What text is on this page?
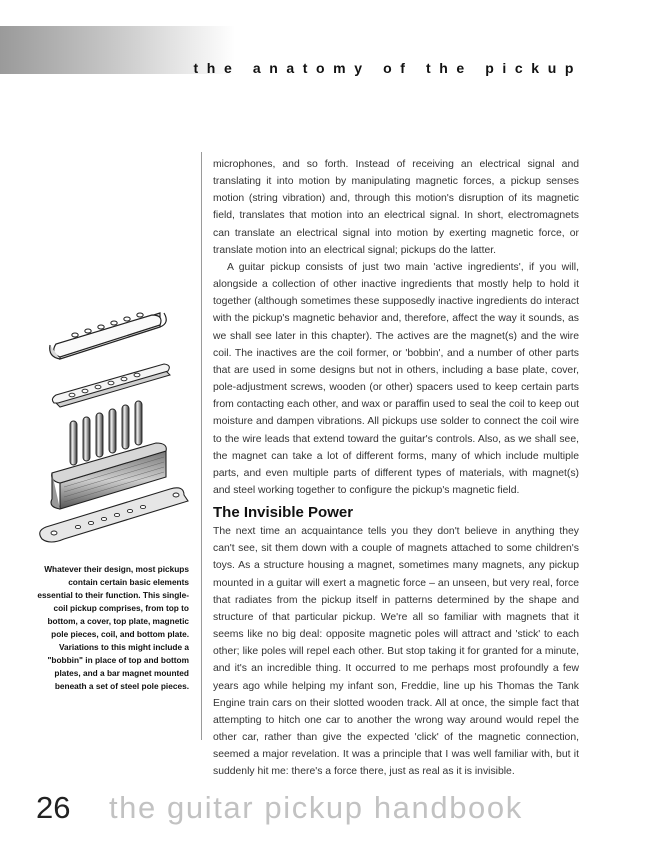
the anatomy of the pickup
Whatever their design, most pickups contain certain basic elements essential to their function. This single-coil pickup comprises, from top to bottom, a cover, top plate, magnetic pole pieces, coil, and bottom plate. Variations to this might include a "bobbin" in place of top and bottom plates, and a bar magnet mounted beneath a set of steel pole pieces.

microphones, and so forth. Instead of receiving an electrical signal and translating it into motion by manipulating magnetic forces, a pickup senses motion (string vibration) and, through this motion's disruption of its magnetic field, translates that motion into an electrical signal. In short, electromagnets can translate an electrical signal into motion by exerting magnetic force, or translate motion into an electrical signal; pickups do the latter.

A guitar pickup consists of just two main 'active ingredients', if you will, alongside a collection of other inactive ingredients that mostly help to hold it together (although sometimes these supposedly inactive ingredients do interact with the pickup's magnetic behavior and, therefore, affect the way it sounds, as we shall see later in this chapter). The actives are the magnet(s) and the wire coil. The inactives are the coil former, or 'bobbin', and a number of other parts that are used in some designs but not in others, including a base plate, cover, pole-adjustment screws, wooden (or other) spacers used to keep certain parts from contacting each other, and wax or paraffin used to seal the coil to keep out moisture and dampen vibrations. All pickups use solder to connect the coil wire to the wire leads that extend toward the guitar's controls. Also, as we shall see, the magnet can take a lot of different forms, many of which include multiple parts, and even multiple parts of different types of materials, with magnet(s) and steel working together to configure the pickup's magnetic field.

The Invisible Power

The next time an acquaintance tells you they don't believe in anything they can't see, sit them down with a couple of magnets attached to some children's toys. As a structure housing a magnet, sometimes many magnets, any pickup mounted in a guitar will exert a magnetic force – an unseen, but very real, force that radiates from the pickup itself in patterns determined by the shape and structure of that particular pickup. We're all so familiar with magnets that it seems like no big deal: opposite magnetic poles will attract and 'stick' to each other; like poles will repel each other. But stop taking it for granted for a minute, and it's an incredible thing. It occurred to me perhaps most profoundly a few years ago while helping my infant son, Freddie, line up his Thomas the Tank Engine train cars on their slotted wooden track. All at once, the simple fact that attempting to hitch one car to another the wrong way around would repel the other car, rather than give the expected 'click' of the magnetic connection, seemed a major revelation. It was a principle that I was well familiar with, but it suddenly hit me: there's a force there, just as real as it is invisible.

26 the guitar pickup handbook
